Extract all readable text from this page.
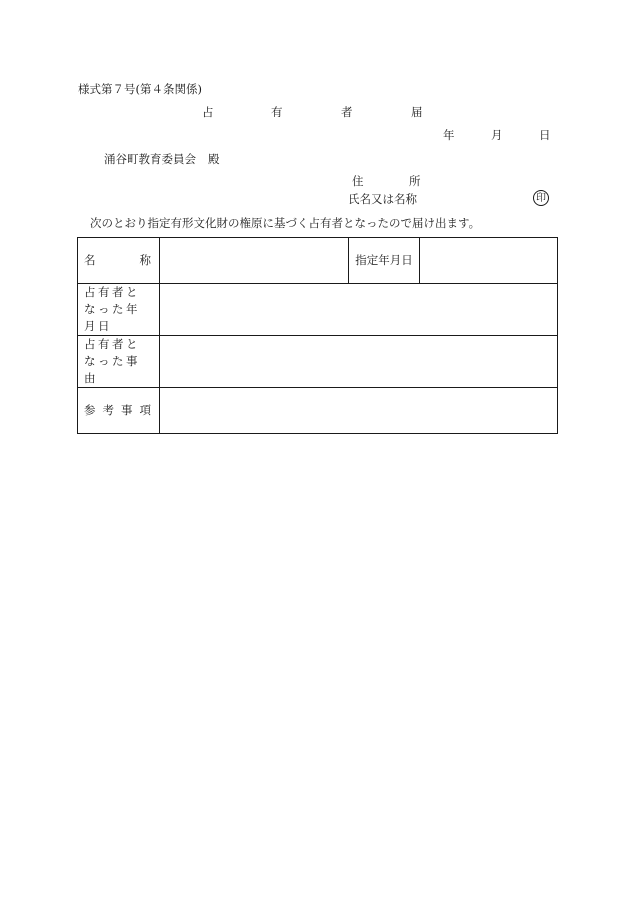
様式第７号(第４条関係)
占	有	者	届
年	月	日
涌谷町教育委員会 殿
住	所
氏名又は名称	印
次のとおり指定有形文化財の権原に基づく占有者となったので届け出ます。
名 称		指定年月日	

占有者となった年月日			

占有者となった事由			

参 考 事 項			
